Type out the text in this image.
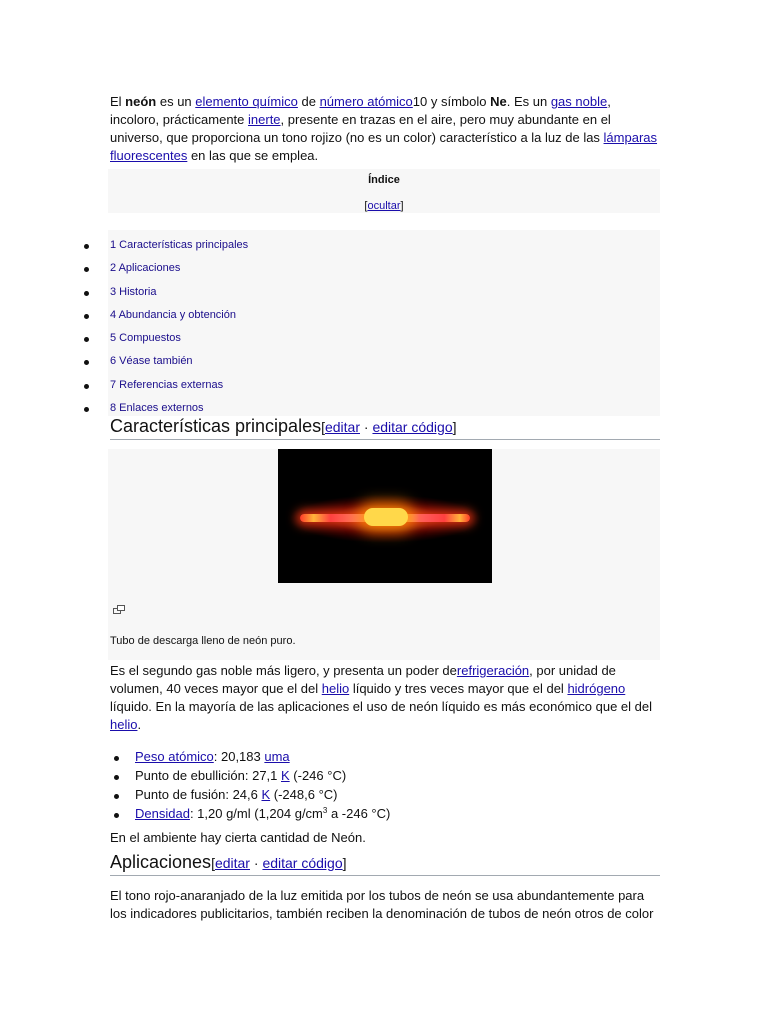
El neón es un elemento químico de número atómico10 y símbolo Ne. Es un gas noble, incoloro, prácticamente inerte, presente en trazas en el aire, pero muy abundante en el universo, que proporciona un tono rojizo (no es un color) característico a la luz de las lámparas fluorescentes en las que se emplea.

Índice
[ocultar]
1 Características principales
2 Aplicaciones
3 Historia
4 Abundancia y obtención
5 Compuestos
6 Véase también
7 Referencias externas
8 Enlaces externos
Características principales[editar · editar código]
Tubo de descarga lleno de neón puro.

Es el segundo gas noble más ligero, y presenta un poder derefrigeración, por unidad de volumen, 40 veces mayor que el del helio líquido y tres veces mayor que el del hidrógeno líquido. En la mayoría de las aplicaciones el uso de neón líquido es más económico que el del helio.

Peso atómico: 20,183 uma
Punto de ebullición: 27,1 K (-246 °C)
Punto de fusión: 24,6 K (-248,6 °C)
Densidad: 1,20 g/ml (1,204 $g/cm^3$ a -246 °C)

En el ambiente hay cierta cantidad de Neón.

Aplicaciones[editar · editar código]

El tono rojo-anaranjado de la luz emitida por los tubos de neón se usa abundantemente para los indicadores publicitarios, también reciben la denominación de tubos de neón otros de color
